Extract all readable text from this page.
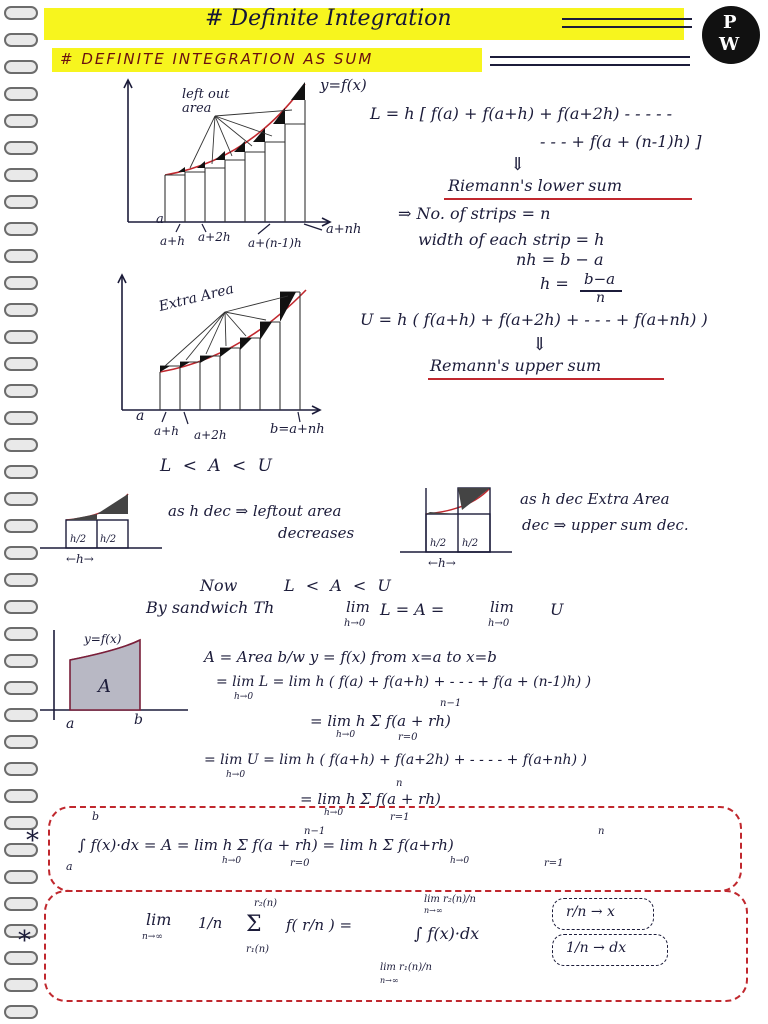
# Definite Integration
# DEFINITE INTEGRATION AS SUM
P
W
y=f(x)
left out area
a
a+h a+2h a+(n-1)h
a+nh
L = h [ f(a) + f(a+h) + f(a+2h) - - - - -
- - - + f(a + (n-1)h) ]
⇓
Riemann's lower sum
⇒ No. of strips = n
width of each strip = h
nh = b − a
h = b−a
n
Extra Area
a
a+h a+2h	b=a+nh
U = h ( f(a+h) + f(a+2h) + - - - + f(a+nh) )
⇓
Remann's upper sum
L < A < U
h/2 h/2
←h→
h/2 h/2
←h→
as h dec ⇒ leftout area
decreases
as h dec Extra Area
dec ⇒ upper sum dec.
Now	L < A < U
By sandwich Th	lim
h→0
L = A =	lim
h→0
U
y=f(x)
A
a	b
A = Area b/w y = f(x) from x=a to x=b
= lim L = lim h ( f(a) + f(a+h) + - - - + f(a + (n-1)h) )
h→0
n−1
= lim h Σ f(a + rh)
h→0	r=0
= lim U = lim h ( f(a+h) + f(a+2h) + - - - - + f(a+nh) )
h→0
n
= lim h Σ f(a + rh)
h→0	r=1
*
b
a
n−1	n
∫ f(x)·dx = A = lim h Σ f(a + rh) = lim h Σ f(a+rh)
h→0	r=0	h→0	r=1
*
lim
n→∞
1/n
r₂(n)
Σ
r₁(n)
f( r/n ) =
lim r₂(n)/n
n→∞
∫ f(x)·dx
lim r₁(n)/n
n→∞
r/n → x
1/n → dx
